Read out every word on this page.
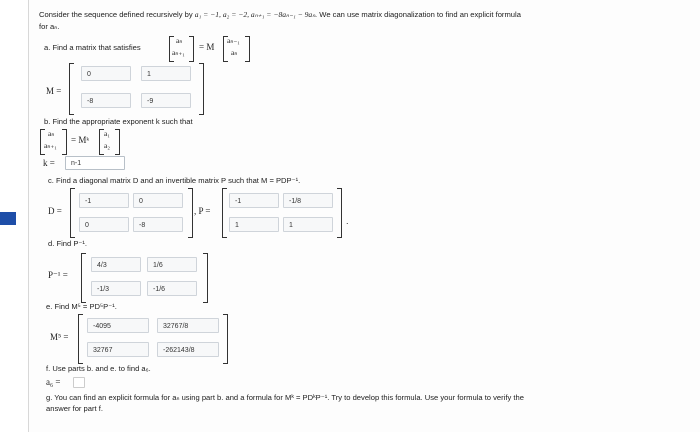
Consider the sequence defined recursively by a₁ = −1, a₂ = −2, aₙ₊₁ = −8aₙ₋₁ − 9aₙ. We can use matrix diagonalization to find an explicit formula
for aₙ.
a. Find a matrix that satisfies
aₙ
aₙ₊₁
= M
aₙ₋₁
aₙ
M =
0	1
-8	-9
b. Find the appropriate exponent k such that
aₙ
aₙ₊₁
= Mᵏ
a₁
a₂
k =	n-1
c. Find a diagonal matrix D and an invertible matrix P such that M = PDP⁻¹.
D =
-1	0
0	-8
, P =
-1	-1/8
1	1	.
d. Find P⁻¹.
P⁻¹ =
4/3	1/6
-1/3	-1/6
e. Find M⁵ = PD⁵P⁻¹.
M⁵ =
-4095	32767/8
32767	-262143/8
f. Use parts b. and e. to find a₆.
a₆ =
g. You can find an explicit formula for aₙ using part b. and a formula for Mᵏ = PDᵏP⁻¹. Try to develop this formula. Use your formula to verify the
answer for part f.
